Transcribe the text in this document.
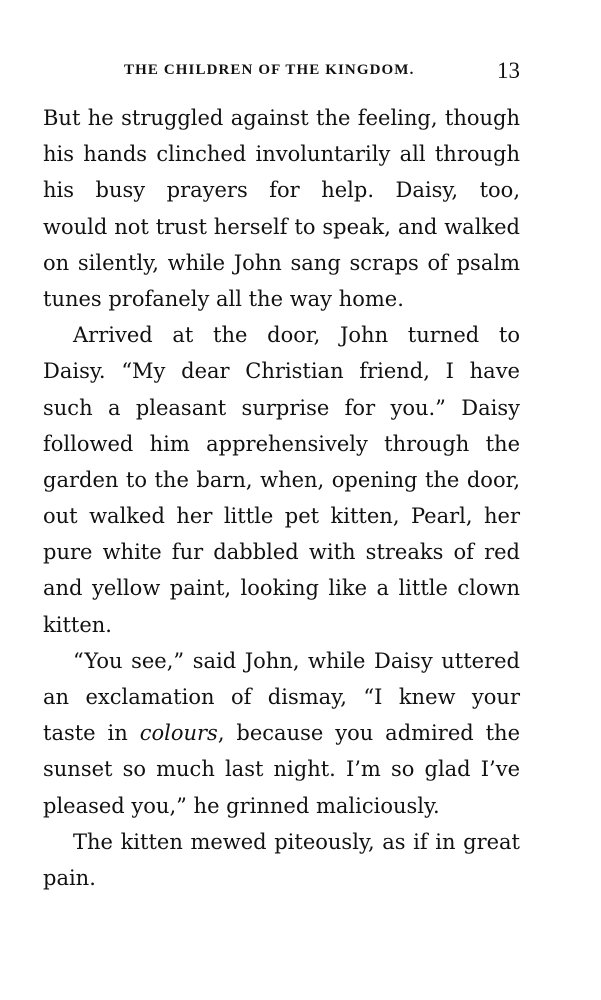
THE CHILDREN OF THE KINGDOM.	13
But he struggled against the feeling, though
his hands clinched involuntarily all through
his busy prayers for help. Daisy, too,
would not trust herself to speak, and walked
on silently, while John sang scraps of psalm
tunes profanely all the way home.
Arrived at the door, John turned to
Daisy. “My dear Christian friend, I have
such a pleasant surprise for you.” Daisy
followed him apprehensively through the
garden to the barn, when, opening the door,
out walked her little pet kitten, Pearl, her
pure white fur dabbled with streaks of red
and yellow paint, looking like a little clown
kitten.
“You see,” said John, while Daisy uttered
an exclamation of dismay, “I knew your
taste in colours, because you admired the
sunset so much last night. I’m so glad I’ve
pleased you,” he grinned maliciously.
The kitten mewed piteously, as if in great
pain.
